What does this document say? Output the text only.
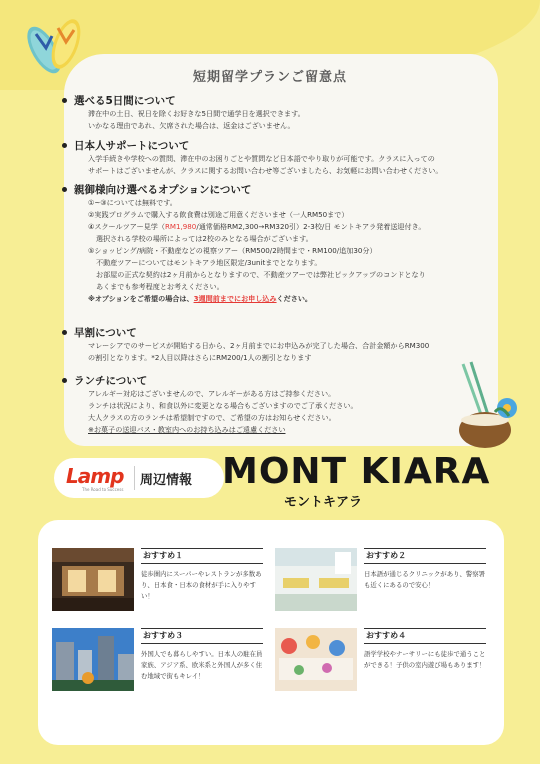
短期留学プランご留意点
選べる5日間について
滞在中の土日、祝日を除くお好きな5日間で通学日を選択できます。
いかなる理由であれ、欠席された場合は、返金はございません。
日本人サポートについて
入学手続きや学校への質問、滞在中のお困りごとや質問など日本語でやり取りが可能です。クラスに入っての
サポートはございませんが、クラスに関するお問い合わせ等ございましたら、お気軽にお問い合わせください。
親御様向け選べるオプションについて
①~③については無料です。
②実践プログラムで購入する飲食費は別途ご用意くださいませ（一人RM50まで）
④スクールツアー見学（RM1,980/通常価格RM2,300→RM320引）2-3校/日 モントキアラ発着送迎付き。
選択される学校の場所によっては2校のみとなる場合がございます。
⑤ショッピング/病院・不動産などの視察ツアー（RM500/2時間まで・RM100/追加30分）
不動産ツアーについてはモントキアラ地区限定/3unitまでとなります。
お部屋の正式な契約は2ヶ月前からとなりますので、不動産ツアーでは弊社ピックアップのコンドとなり
あくまでも参考程度とお考えください。
※オプションをご希望の場合は、3週間前までにお申し込みください。
早割について
マレーシアでのサービスが開始する日から、2ヶ月前までにお申込みが完了した場合、合計金額からRM300
の割引となります。*2人目以降はさらにRM200/1人の割引となります
ランチについて
アレルギー対応はございませんので、アレルギーがある方はご持参ください。
ランチは状況により、和食以外に変更となる場合もございますのでご了承ください。
大人クラスの方のランチは希望制ですので、ご希望の方はお知らせください。
※お菓子の送迎バス・教室内へのお持ち込みはご遠慮ください
Lamp
The Road to Success
周辺情報 MONT KIARA
モントキアラ
おすすめ１
徒歩圏内にスーパーやレストランが多数あり、日本食・日本の食材が手に入りやすい！
おすすめ２
日本語が通じるクリニックがあり、警察署も近くにあるので安心！
おすすめ３
外国人でも暮らしやすい。日本人の駐在員家族、アジア系、欧米系と外国人が多く住む地域で街もキレイ！
おすすめ４
語学学校やナーサリーにも徒歩で通うことができる！子供の室内遊び場もあります！
